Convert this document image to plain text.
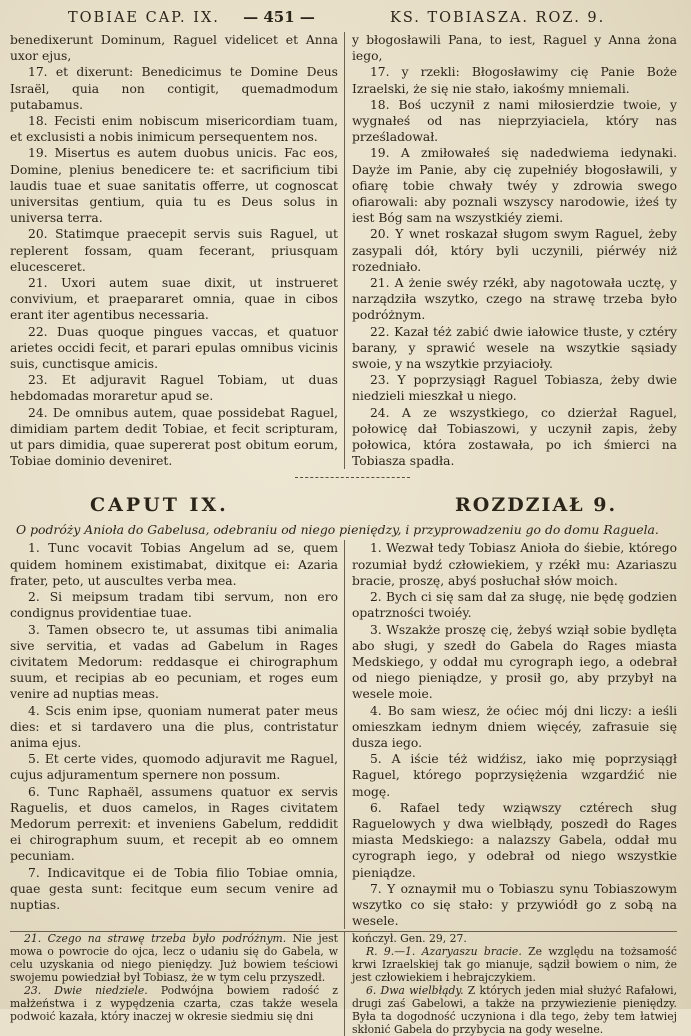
TOBIAE CAP. IX.	— 451 —	KS. TOBIASZA. ROZ. 9.

benedixerunt Dominum, Raguel videlicet et Anna uxor ejus,

17. et dixerunt: Benedicimus te Domine Deus Israël, quia non contigit, quemadmodum putabamus.

18. Fecisti enim nobiscum misericordiam tuam, et exclusisti a nobis inimicum persequentem nos.

19. Misertus es autem duobus unicis. Fac eos, Domine, plenius benedicere te: et sacrificium tibi laudis tuae et suae sanitatis offerre, ut cognoscat universitas gentium, quia tu es Deus solus in universa terra.

20. Statimque praecepit servis suis Raguel, ut replerent fossam, quam fecerant, priusquam elucesceret.

21. Uxori autem suae dixit, ut instrueret convivium, et praepararet omnia, quae in cibos erant iter agentibus necessaria.

22. Duas quoque pingues vaccas, et quatuor arietes occidi fecit, et parari epulas omnibus vicinis suis, cunctisque amicis.

23. Et adjuravit Raguel Tobiam, ut duas hebdomadas moraretur apud se.

24. De omnibus autem, quae possidebat Raguel, dimidiam partem dedit Tobiae, et fecit scripturam, ut pars dimidia, quae supererat post obitum eorum, Tobiae dominio deveniret.

y błogosławili Pana, to iest, Raguel y Anna żona iego,

17. y rzekli: Błogosławimy cię Panie Boże Izraelski, że się nie stało, iakośmy mniemali.

18. Boś uczynił z nami miłosierdzie twoie, y wygnałeś od nas nieprzyiaciela, który nas prześladował.

19. A zmiłowałeś się nadedwiema iedynaki. Dayże im Panie, aby cię zupełniéy błogosławili, y ofiarę tobie chwały twéy y zdrowia swego ofiarowali: aby poznali wszyscy narodowie, iżeś ty iest Bóg sam na wszystkiéy ziemi.

20. Y wnet roskazał sługom swym Raguel, żeby zasypali dół, który byli uczynili, piérwéy niż rozedniało.

21. A żenie swéy rzékł, aby nagotowała ucztę, y narządziła wszytko, czego na strawę trzeba było podróżnym.

22. Kazał téż zabić dwie iałowice tłuste, y cztéry barany, y sprawić wesele na wszytkie sąsiady swoie, y na wszytkie przyiacioły.

23. Y poprzysiągł Raguel Tobiasza, żeby dwie niedzieli mieszkał u niego.

24. A ze wszystkiego, co dzierżał Raguel, połowicę dał Tobiaszowi, y uczynił zapis, żeby połowica, która zostawała, po ich śmierci na Tobiasza spadła.

CAPUT IX.	ROZDZIAŁ 9.
O podróży Anioła do Gabelusa, odebraniu od niego pieniędzy, i przyprowadzeniu go do domu Raguela.

1. Tunc vocavit Tobias Angelum ad se, quem quidem hominem existimabat, dixitque ei: Azaria frater, peto, ut auscultes verba mea.

2. Si meipsum tradam tibi servum, non ero condignus providentiae tuae.

3. Tamen obsecro te, ut assumas tibi animalia sive servitia, et vadas ad Gabelum in Rages civitatem Medorum: reddasque ei chirographum suum, et recipias ab eo pecuniam, et roges eum venire ad nuptias meas.

4. Scis enim ipse, quoniam numerat pater meus dies: et si tardavero una die plus, contristatur anima ejus.

5. Et certe vides, quomodo adjuravit me Raguel, cujus adjuramentum spernere non possum.

6. Tunc Raphaël, assumens quatuor ex servis Raguelis, et duos camelos, in Rages civitatem Medorum perrexit: et inveniens Gabelum, reddidit ei chirographum suum, et recepit ab eo omnem pecuniam.

7. Indicavitque ei de Tobia filio Tobiae omnia, quae gesta sunt: fecitque eum secum venire ad nuptias.

1. Wezwał tedy Tobiasz Anioła do śiebie, którego rozumiał bydź człowiekiem, y rzékł mu: Azariaszu bracie, proszę, abyś posłuchał słów moich.

2. Bych ci się sam dał za sługę, nie będę godzien opatrzności twoiéy.

3. Wszakże proszę cię, żebyś wziął sobie bydlęta abo sługi, y szedł do Gabela do Rages miasta Medskiego, y oddał mu cyrograph iego, a odebrał od niego pieniądze, y prosił go, aby przybył na wesele moie.

4. Bo sam wiesz, że oćiec mój dni liczy: a ieśli omieszkam iednym dniem więcéy, zafrasuie się dusza iego.

5. A iście téż widźisz, iako mię poprzysiągł Raguel, którego poprzysiężenia wzgardźić nie mogę.

6. Rafael tedy wziąwszy cztérech sług Raguelowych y dwa wielbłądy, poszedł do Rages miasta Medskiego: a nalazszy Gabela, oddał mu cyrograph iego, y odebrał od niego wszystkie pieniądze.

7. Y oznaymił mu o Tobiaszu synu Tobiaszowym wszytko co się stało: y przywiódł go z sobą na wesele.

21. Czego na strawę trzeba było podróżnym. Nie jest mowa o powrocie do ojca, lecz o udaniu się do Gabela, w celu uzyskania od niego pieniędzy. Już bowiem teściowi swojemu powiedział był Tobiasz, że w tym celu przyszedł.

23. Dwie niedziele. Podwójna bowiem radość z małżeństwa i z wypędzenia czarta, czas także wesela podwoić kazała, który inaczej w okresie siedmiu się dni

kończył. Gen. 29, 27.

R. 9.—1. Azaryaszu bracie. Ze względu na tożsamość krwi Izraelskiej tak go mianuje, sądził bowiem o nim, że jest człowiekiem i hebrajczykiem.

6. Dwa wielbłądy. Z których jeden miał służyć Rafałowi, drugi zaś Gabelowi, a także na przywiezienie pieniędzy. Była ta dogodność uczyniona i dla tego, żeby tem łatwiej skłonić Gabela do przybycia na gody weselne.
